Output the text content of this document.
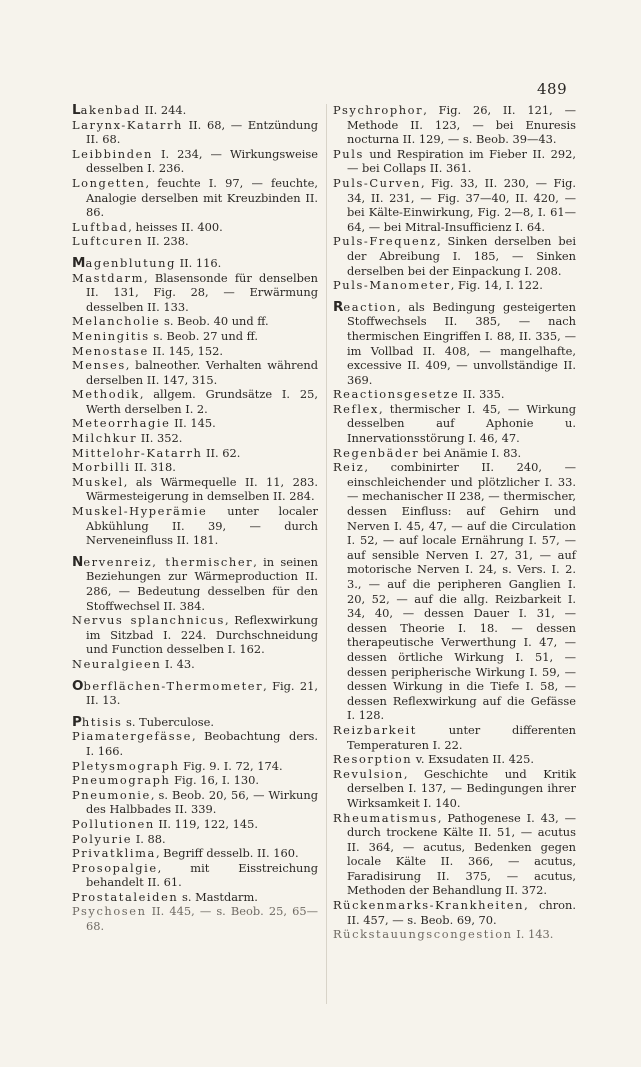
489

Lakenbad II. 244.

Larynx-Katarrh II. 68, — Entzündung II. 68.

Leibbinden I. 234, — Wirkungsweise desselben I. 236.

Longetten, feuchte I. 97, — feuchte, Analogie derselben mit Kreuzbinden II. 86.

Luftbad, heisses II. 400.

Luftcuren II. 238.

Magenblutung II. 116.

Mastdarm, Blasensonde für denselben II. 131, Fig. 28, — Erwärmung desselben II. 133.

Melancholie s. Beob. 40 und ff.

Meningitis s. Beob. 27 und ff.

Menostase II. 145, 152.

Menses, balneother. Verhalten während derselben II. 147, 315.

Methodik, allgem. Grundsätze I. 25, Werth derselben I. 2.

Meteorrhagie II. 145.

Milchkur II. 352.

Mittelohr-Katarrh II. 62.

Morbilli II. 318.

Muskel, als Wärmequelle II. 11, 283. Wärmesteigerung in demselben II. 284.

Muskel-Hyperämie unter localer Abkühlung II. 39, — durch Nerveneinfluss II. 181.

Nervenreiz, thermischer, in seinen Beziehungen zur Wärmeproduction II. 286, — Bedeutung desselben für den Stoffwechsel II. 384.

Nervus splanchnicus, Reflexwirkung im Sitzbad I. 224. Durchschneidung und Function desselben I. 162.

Neuralgieen I. 43.

Oberflächen-Thermometer, Fig. 21, II. 13.

Phtisis s. Tuberculose.

Piamatergefässe, Beobachtung ders. I. 166.

Pletysmograph Fig. 9. I. 72, 174.

Pneumograph Fig. 16, I. 130.

Pneumonie, s. Beob. 20, 56, — Wirkung des Halbbades II. 339.

Pollutionen II. 119, 122, 145.

Polyurie I. 88.

Privatklima, Begriff desselb. II. 160.

Prosopalgie, mit Eisstreichung behandelt II. 61.

Prostataleiden s. Mastdarm.

Psychosen II. 445, — s. Beob. 25, 65—68.

Psychrophor, Fig. 26, II. 121, — Methode II. 123, — bei Enuresis nocturna II. 129, — s. Beob. 39—43.

Puls und Respiration im Fieber II. 292, — bei Collaps II. 361.

Puls-Curven, Fig. 33, II. 230, — Fig. 34, II. 231, — Fig. 37—40, II. 420, — bei Kälte-Einwirkung, Fig. 2—8, I. 61—64, — bei Mitral-Insufficienz I. 64.

Puls-Frequenz, Sinken derselben bei der Abreibung I. 185, — Sinken derselben bei der Einpackung I. 208.

Puls-Manometer, Fig. 14, I. 122.

Reaction, als Bedingung gesteigerten Stoffwechsels II. 385, — nach thermischen Eingriffen I. 88, II. 335, — im Vollbad II. 408, — mangelhafte, excessive II. 409, — unvollständige II. 369.

Reactionsgesetze II. 335.

Reflex, thermischer I. 45, — Wirkung desselben auf Aphonie u. Innervationsstörung I. 46, 47.

Regenbäder bei Anämie I. 83.

Reiz, combinirter II. 240, — einschleichender und plötzlicher I. 33. — mechanischer II 238, — thermischer, dessen Einfluss: auf Gehirn und Nerven I. 45, 47, — auf die Circulation I. 52, — auf locale Ernährung I. 57, — auf sensible Nerven I. 27, 31, — auf motorische Nerven I. 24, s. Vers. I. 2. 3., — auf die peripheren Ganglien I. 20, 52, — auf die allg. Reizbarkeit I. 34, 40, — dessen Dauer I. 31, — dessen Theorie I. 18. — dessen therapeutische Verwerthung I. 47, — dessen örtliche Wirkung I. 51, — dessen peripherische Wirkung I. 59, — dessen Wirkung in die Tiefe I. 58, — dessen Reflexwirkung auf die Gefässe I. 128.

Reizbarkeit unter differenten Temperaturen I. 22.

Resorption v. Exsudaten II. 425.

Revulsion, Geschichte und Kritik derselben I. 137, — Bedingungen ihrer Wirksamkeit I. 140.

Rheumatismus, Pathogenese I. 43, — durch trockene Kälte II. 51, — acutus II. 364, — acutus, Bedenken gegen locale Kälte II. 366, — acutus, Faradisirung II. 375, — acutus, Methoden der Behandlung II. 372.

Rückenmarks-Krankheiten, chron. II. 457, — s. Beob. 69, 70.

Rückstauungscongestion I. 143.
